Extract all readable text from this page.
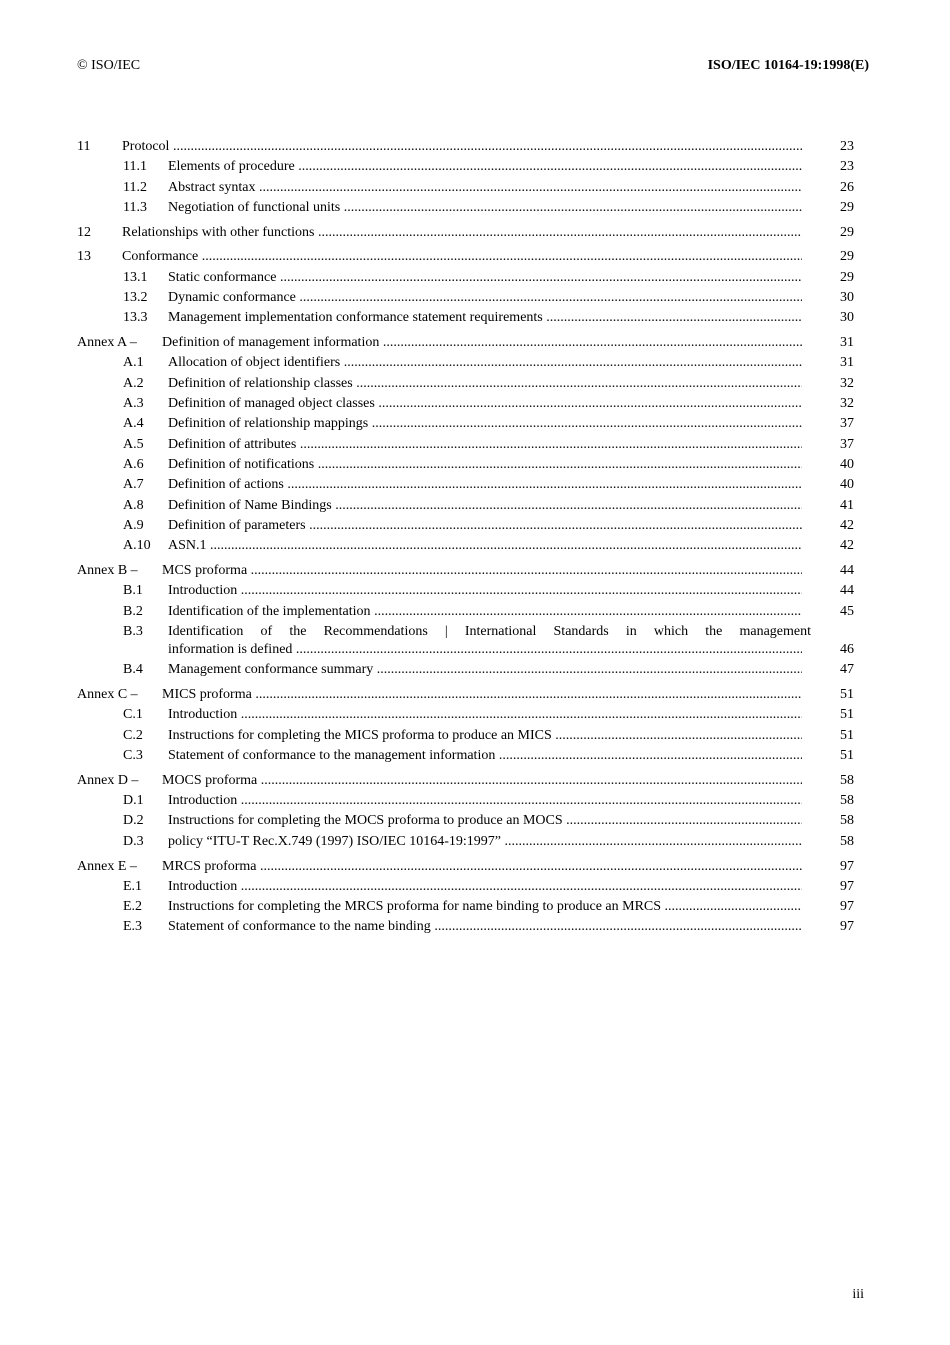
© ISO/IEC	ISO/IEC 10164-19:1998(E)
11 Protocol .....	23
11.1 Elements of procedure .....	23
11.2 Abstract syntax .....	26
11.3 Negotiation of functional units .....	29
12 Relationships with other functions .....	29
13 Conformance .....	29
13.1 Static conformance .....	29
13.2 Dynamic conformance .....	30
13.3 Management implementation conformance statement requirements .....	30
Annex A – Definition of management information .....	31
A.1 Allocation of object identifiers .....	31
A.2 Definition of relationship classes .....	32
A.3 Definition of managed object classes .....	32
A.4 Definition of relationship mappings .....	37
A.5 Definition of attributes .....	37
A.6 Definition of notifications .....	40
A.7 Definition of actions .....	40
A.8 Definition of Name Bindings .....	41
A.9 Definition of parameters .....	42
A.10 ASN.1 .....	42
Annex B – MCS proforma .....	44
B.1 Introduction .....	44
B.2 Identification of the implementation .....	45
B.3 Identification of the Recommendations | International Standards in which the management
information is defined .....	46
B.4 Management conformance summary .....	47
Annex C – MICS proforma .....	51
C.1 Introduction .....	51
C.2 Instructions for completing the MICS proforma to produce an MICS .....	51
C.3 Statement of conformance to the management information .....	51
Annex D – MOCS proforma .....	58
D.1 Introduction .....	58
D.2 Instructions for completing the MOCS proforma to produce an MOCS .....	58
D.3 policy “ITU-T Rec.X.749 (1997) ISO/IEC 10164-19:1997” .....	58
Annex E – MRCS proforma .....	97
E.1 Introduction .....	97
E.2 Instructions for completing the MRCS proforma for name binding to produce an MRCS .....	97
E.3 Statement of conformance to the name binding .....	97
iii
